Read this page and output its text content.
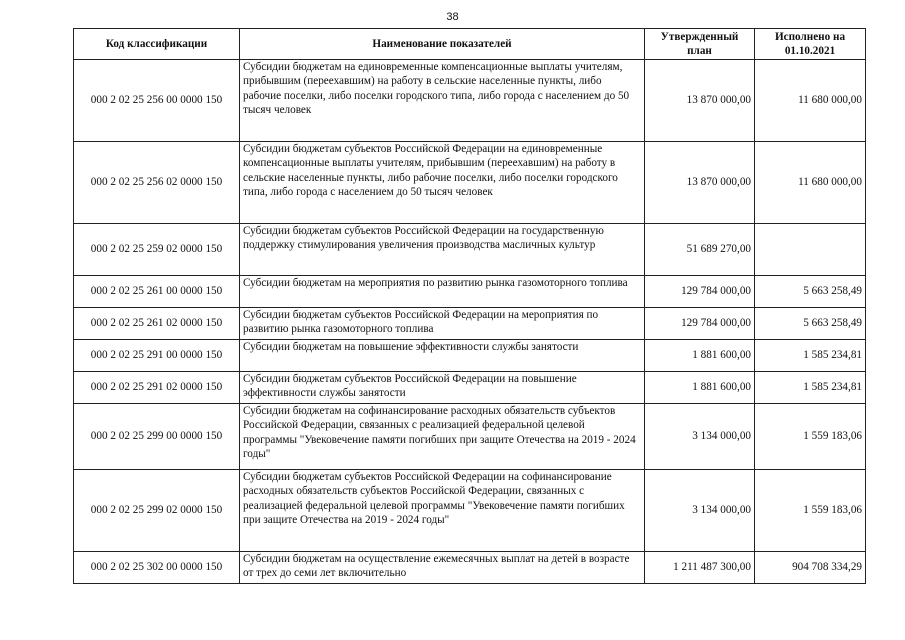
38
Код классификации	Наименование показателей	Утвержденный план	Исполнено на 01.10.2021
000 2 02 25 256 00 0000 150	Субсидии бюджетам на единовременные компенсационные выплаты учителям, прибывшим (переехавшим) на работу в сельские населенные пункты, либо рабочие поселки, либо поселки городского типа, либо города с населением до 50 тысяч человек	13 870 000,00	11 680 000,00
000 2 02 25 256 02 0000 150	Субсидии бюджетам субъектов Российской Федерации на единовременные компенсационные выплаты учителям, прибывшим (переехавшим) на работу в сельские населенные пункты, либо рабочие поселки, либо поселки городского типа, либо города с населением до 50 тысяч человек	13 870 000,00	11 680 000,00
000 2 02 25 259 02 0000 150	Субсидии бюджетам субъектов Российской Федерации на государственную поддержку стимулирования увеличения производства масличных культур	51 689 270,00	
000 2 02 25 261 00 0000 150	Субсидии бюджетам на мероприятия по развитию рынка газомоторного топлива	129 784 000,00	5 663 258,49
000 2 02 25 261 02 0000 150	Субсидии бюджетам субъектов Российской Федерации на мероприятия по развитию рынка газомоторного топлива	129 784 000,00	5 663 258,49
000 2 02 25 291 00 0000 150	Субсидии бюджетам на повышение эффективности службы занятости	1 881 600,00	1 585 234,81
000 2 02 25 291 02 0000 150	Субсидии бюджетам субъектов Российской Федерации на повышение эффективности службы занятости	1 881 600,00	1 585 234,81
000 2 02 25 299 00 0000 150	Субсидии бюджетам на софинансирование расходных обязательств субъектов Российской Федерации, связанных с реализацией федеральной целевой программы "Увековечение памяти погибших при защите Отечества на 2019 - 2024 годы"	3 134 000,00	1 559 183,06
000 2 02 25 299 02 0000 150	Субсидии бюджетам субъектов Российской Федерации на софинансирование расходных обязательств субъектов Российской Федерации, связанных с реализацией федеральной целевой программы "Увековечение памяти погибших при защите Отечества на 2019 - 2024 годы"	3 134 000,00	1 559 183,06
000 2 02 25 302 00 0000 150	Субсидии бюджетам на осуществление ежемесячных выплат на детей в возрасте от трех до семи лет включительно	1 211 487 300,00	904 708 334,29
